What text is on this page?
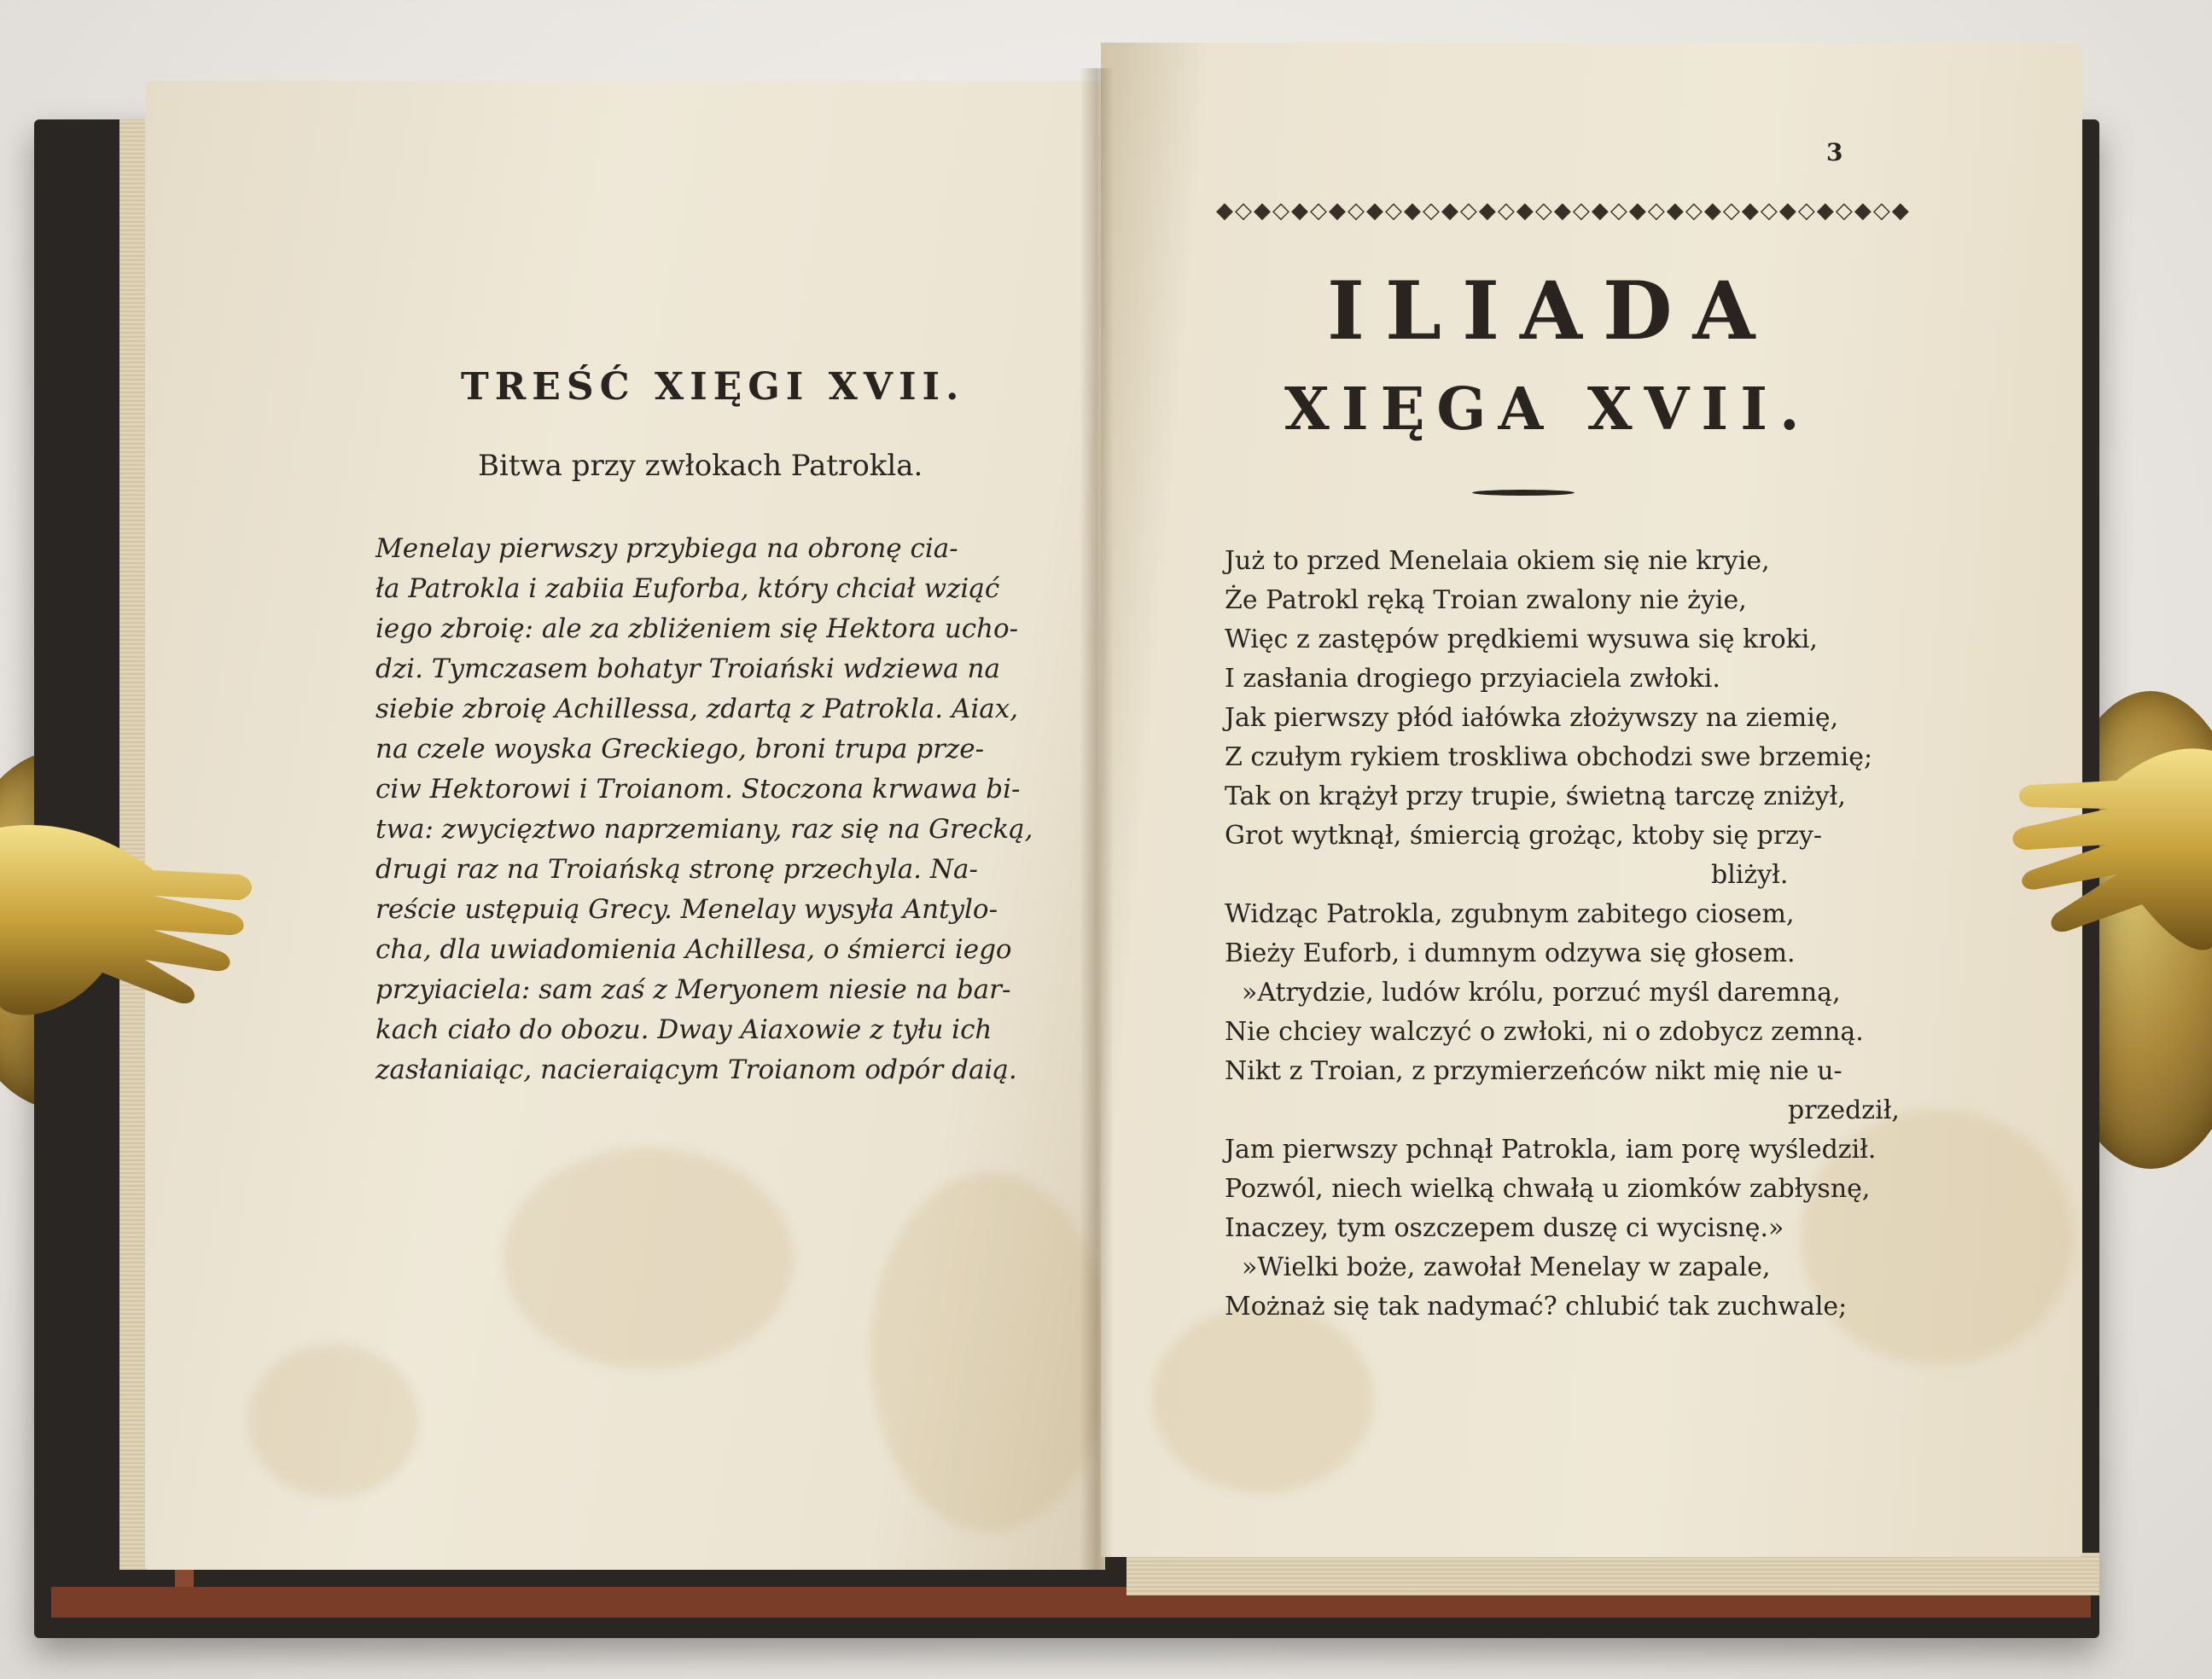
TREŚĆ XIĘGI XVII.
Bitwa przy zwłokach Patrokla.
Menelay pierwszy przybiega na obronę cia-
ła Patrokla i zabiia Euforba, który chciał wziąć
iego zbroię: ale za zbliżeniem się Hektora ucho-
dzi. Tymczasem bohatyr Troiański wdziewa na
siebie zbroię Achillessa, zdartą z Patrokla. Aiax,
na czele woyska Greckiego, broni trupa prze-
ciw Hektorowi i Troianom. Stoczona krwawa bi-
twa: zwycięztwo naprzemiany, raz się na Grecką,
drugi raz na Troiańską stronę przechyla. Na-
reście ustępuią Grecy. Menelay wysyła Antylo-
cha, dla uwiadomienia Achillesa, o śmierci iego
przyiaciela: sam zaś z Meryonem niesie na bar-
kach ciało do obozu. Dway Aiaxowie z tyłu ich
zasłaniaiąc, nacieraiącym Troianom odpór daią.
3
◆◇◆◇◆◇◆◇◆◇◆◇◆◇◆◇◆◇◆◇◆◇◆◇◆◇◆◇◆◇◆◇◆◇◆◇◆
ILIADA
XIĘGA XVII.
Już to przed Menelaia okiem się nie kryie,
Że Patrokl ręką Troian zwalony nie żyie,
Więc z zastępów prędkiemi wysuwa się kroki,
I zasłania drogiego przyiaciela zwłoki.
Jak pierwszy płód iałówka złożywszy na ziemię,
Z czułym rykiem troskliwa obchodzi swe brzemię;
Tak on krążył przy trupie, świetną tarczę zniżył,
Grot wytknął, śmiercią grożąc, ktoby się przy-
bliżył.
Widząc Patrokla, zgubnym zabitego ciosem,
Bieży Euforb, i dumnym odzywa się głosem.
»Atrydzie, ludów królu, porzuć myśl daremną,
Nie chciey walczyć o zwłoki, ni o zdobycz zemną.
Nikt z Troian, z przymierzeńców nikt mię nie u-
przedził,
Jam pierwszy pchnął Patrokla, iam porę wyśledził.
Pozwól, niech wielką chwałą u ziomków zabłysnę,
Inaczey, tym oszczepem duszę ci wycisnę.»
»Wielki boże, zawołał Menelay w zapale,
Możnaż się tak nadymać? chlubić tak zuchwale;
